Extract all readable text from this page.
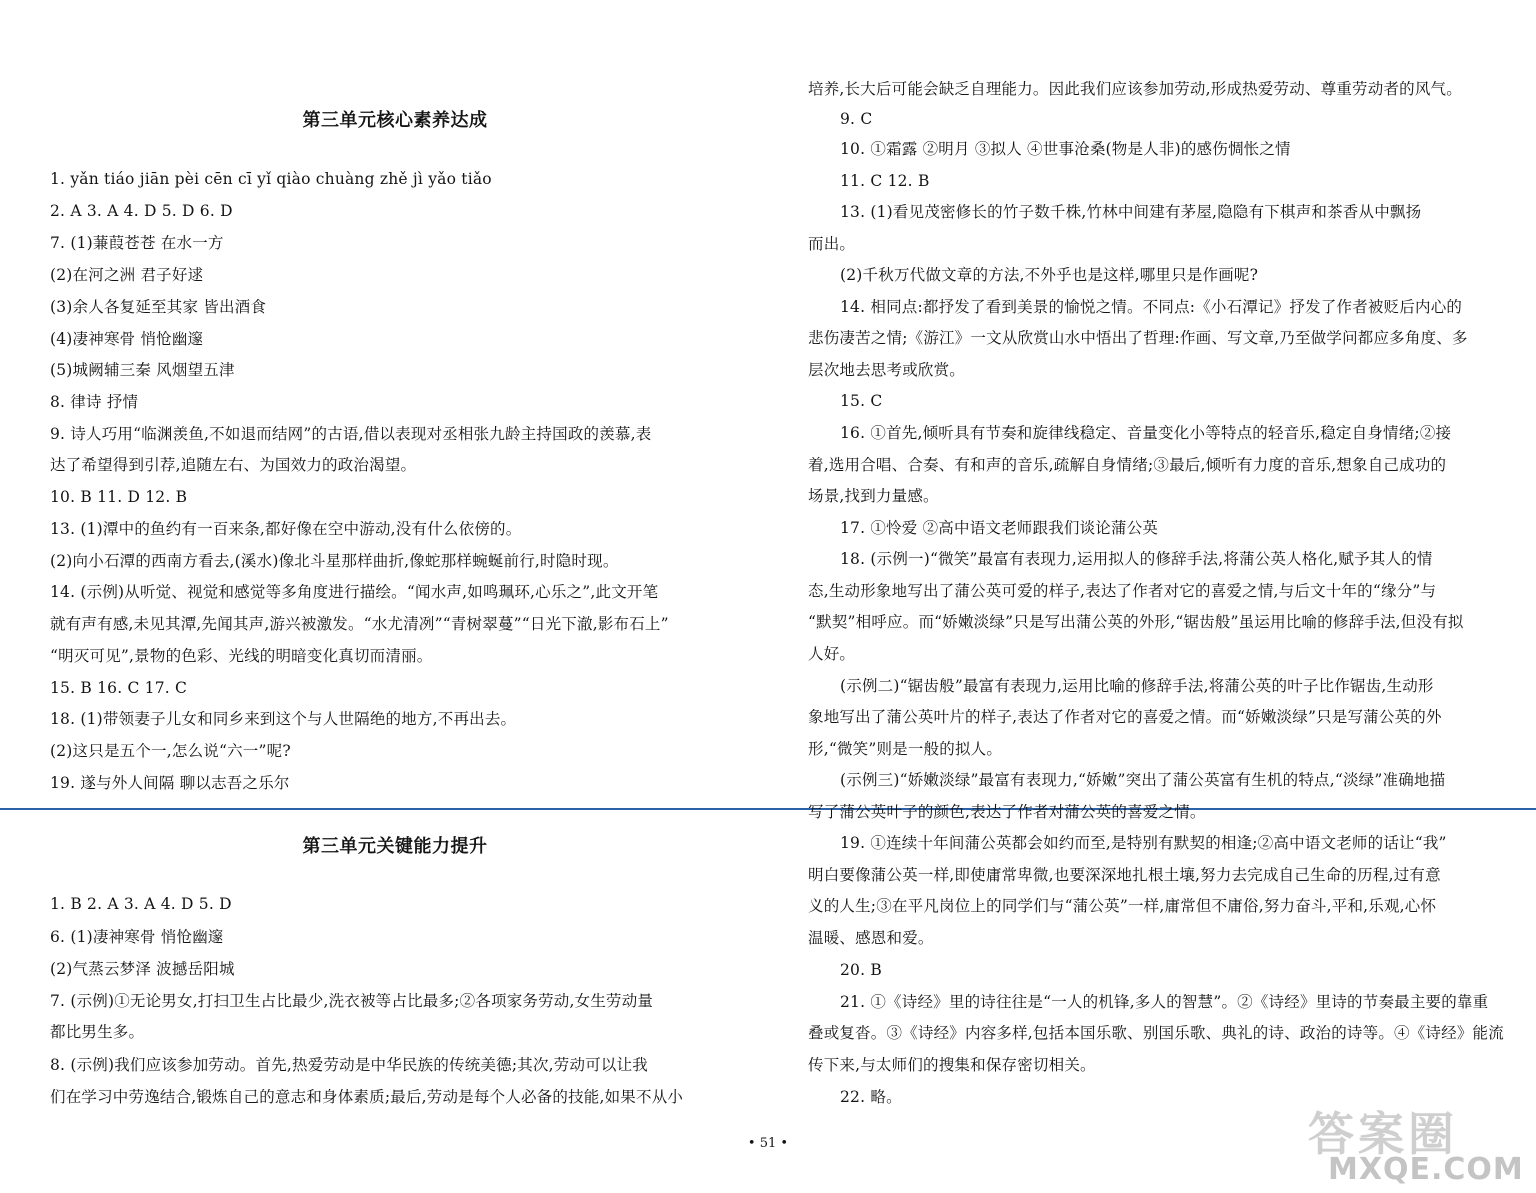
第三单元核心素养达成

1. yǎn tiáo jiān pèi cēn cī yǐ qiào chuàng zhě jì yǎo tiǎo

2. A 3. A 4. D 5. D 6. D

7. (1)蒹葭苍苍 在水一方

(2)在河之洲 君子好逑

(3)余人各复延至其家 皆出酒食

(4)凄神寒骨 悄怆幽邃

(5)城阙辅三秦 风烟望五津

8. 律诗 抒情

9. 诗人巧用“临渊羡鱼,不如退而结网”的古语,借以表现对丞相张九龄主持国政的羡慕,表

达了希望得到引荐,追随左右、为国效力的政治渴望。

10. B 11. D 12. B

13. (1)潭中的鱼约有一百来条,都好像在空中游动,没有什么依傍的。

(2)向小石潭的西南方看去,(溪水)像北斗星那样曲折,像蛇那样蜿蜒前行,时隐时现。

14. (示例)从听觉、视觉和感觉等多角度进行描绘。“闻水声,如鸣珮环,心乐之”,此文开笔

就有声有感,未见其潭,先闻其声,游兴被激发。“水尤清冽”“青树翠蔓”“日光下澈,影布石上”

“明灭可见”,景物的色彩、光线的明暗变化真切而清丽。

15. B 16. C 17. C

18. (1)带领妻子儿女和同乡来到这个与人世隔绝的地方,不再出去。

(2)这只是五个一,怎么说“六一”呢?

19. 遂与外人间隔 聊以志吾之乐尔

第三单元关键能力提升

1. B 2. A 3. A 4. D 5. D

6. (1)凄神寒骨 悄怆幽邃

(2)气蒸云梦泽 波撼岳阳城

7. (示例)①无论男女,打扫卫生占比最少,洗衣被等占比最多;②各项家务劳动,女生劳动量

都比男生多。

8. (示例)我们应该参加劳动。首先,热爱劳动是中华民族的传统美德;其次,劳动可以让我

们在学习中劳逸结合,锻炼自己的意志和身体素质;最后,劳动是每个人必备的技能,如果不从小

培养,长大后可能会缺乏自理能力。因此我们应该参加劳动,形成热爱劳动、尊重劳动者的风气。

9. C

10. ①霜露 ②明月 ③拟人 ④世事沧桑(物是人非)的感伤惆怅之情

11. C 12. B

13. (1)看见茂密修长的竹子数千株,竹林中间建有茅屋,隐隐有下棋声和茶香从中飘扬

而出。

(2)千秋万代做文章的方法,不外乎也是这样,哪里只是作画呢?

14. 相同点:都抒发了看到美景的愉悦之情。不同点:《小石潭记》抒发了作者被贬后内心的

悲伤凄苦之情;《游江》一文从欣赏山水中悟出了哲理:作画、写文章,乃至做学问都应多角度、多

层次地去思考或欣赏。

15. C

16. ①首先,倾听具有节奏和旋律线稳定、音量变化小等特点的轻音乐,稳定自身情绪;②接

着,选用合唱、合奏、有和声的音乐,疏解自身情绪;③最后,倾听有力度的音乐,想象自己成功的

场景,找到力量感。

17. ①怜爱 ②高中语文老师跟我们谈论蒲公英

18. (示例一)“微笑”最富有表现力,运用拟人的修辞手法,将蒲公英人格化,赋予其人的情

态,生动形象地写出了蒲公英可爱的样子,表达了作者对它的喜爱之情,与后文十年的“缘分”与

“默契”相呼应。而“娇嫩淡绿”只是写出蒲公英的外形,“锯齿般”虽运用比喻的修辞手法,但没有拟

人好。

(示例二)“锯齿般”最富有表现力,运用比喻的修辞手法,将蒲公英的叶子比作锯齿,生动形

象地写出了蒲公英叶片的样子,表达了作者对它的喜爱之情。而“娇嫩淡绿”只是写蒲公英的外

形,“微笑”则是一般的拟人。

(示例三)“娇嫩淡绿”最富有表现力,“娇嫩”突出了蒲公英富有生机的特点,“淡绿”准确地描

写了蒲公英叶子的颜色,表达了作者对蒲公英的喜爱之情。

19. ①连续十年间蒲公英都会如约而至,是特别有默契的相逢;②高中语文老师的话让“我”

明白要像蒲公英一样,即使庸常卑微,也要深深地扎根土壤,努力去完成自己生命的历程,过有意

义的人生;③在平凡岗位上的同学们与“蒲公英”一样,庸常但不庸俗,努力奋斗,平和,乐观,心怀

温暖、感恩和爱。

20. B

21. ①《诗经》里的诗往往是“一人的机锋,多人的智慧”。②《诗经》里诗的节奏最主要的靠重

叠或复沓。③《诗经》内容多样,包括本国乐歌、别国乐歌、典礼的诗、政治的诗等。④《诗经》能流

传下来,与太师们的搜集和保存密切相关。

22. 略。

• 51 •	答案圈
MXQE.COM
